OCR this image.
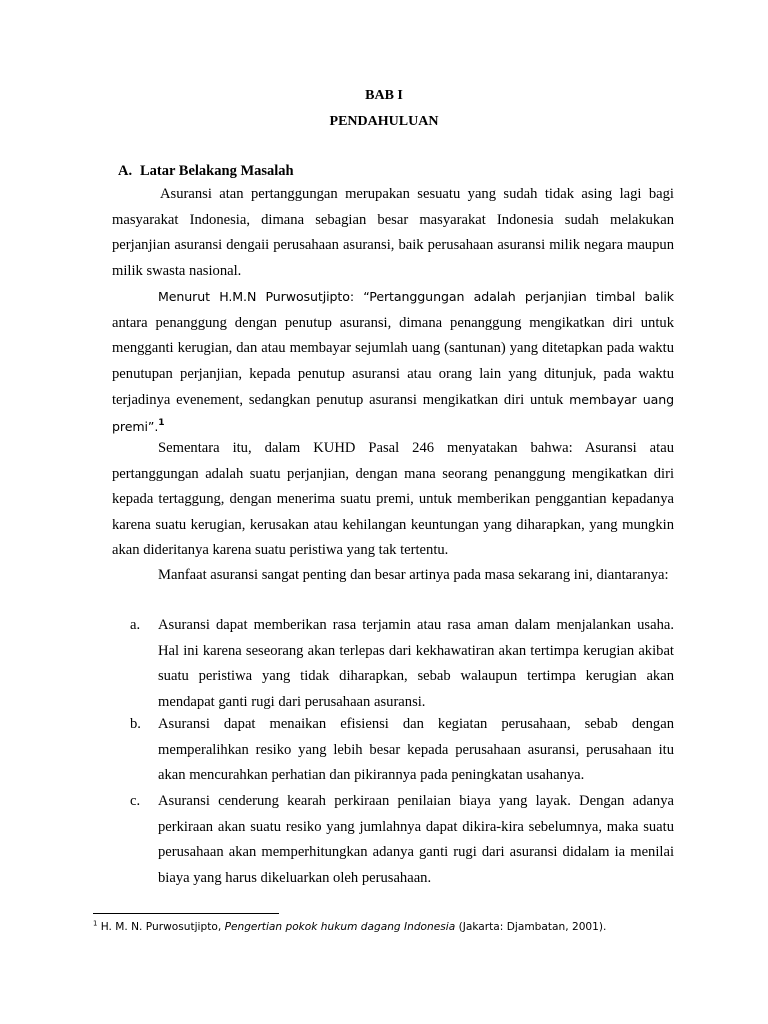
BAB I
PENDAHULUAN
A. Latar Belakang Masalah
Asuransi atan pertanggungan merupakan sesuatu yang sudah tidak asing lagi bagi masyarakat Indonesia, dimana sebagian besar masyarakat Indonesia sudah melakukan perjanjian asuransi dengaii perusahaan asuransi, baik perusahaan asuransi milik negara maupun milik swasta nasional.
Menurut H.M.N Purwosutjipto: “Pertanggungan adalah perjanjian timbal balik antara penanggung dengan penutup asuransi, dimana penanggung mengikatkan diri untuk mengganti kerugian, dan atau membayar sejumlah uang (santunan) yang ditetapkan pada waktu penutupan perjanjian, kepada penutup asuransi atau orang lain yang ditunjuk, pada waktu terjadinya evenement, sedangkan penutup asuransi mengikatkan diri untuk membayar uang premi”.$^1$
Sementara itu, dalam KUHD Pasal 246 menyatakan bahwa: Asuransi atau pertanggungan adalah suatu perjanjian, dengan mana seorang penanggung mengikatkan diri kepada tertaggung, dengan menerima suatu premi, untuk memberikan penggantian kepadanya karena suatu kerugian, kerusakan atau kehilangan keuntungan yang diharapkan, yang mungkin akan dideritanya karena suatu peristiwa yang tak tertentu.
Manfaat asuransi sangat penting dan besar artinya pada masa sekarang ini, diantaranya:
a. Asuransi dapat memberikan rasa terjamin atau rasa aman dalam menjalankan usaha. Hal ini karena seseorang akan terlepas dari kekhawatiran akan tertimpa kerugian akibat suatu peristiwa yang tidak diharapkan, sebab walaupun tertimpa kerugian akan mendapat ganti rugi dari perusahaan asuransi.
b. Asuransi dapat menaikan efisiensi dan kegiatan perusahaan, sebab dengan memperalihkan resiko yang lebih besar kepada perusahaan asuransi, perusahaan itu akan mencurahkan perhatian dan pikirannya pada peningkatan usahanya.
c. Asuransi cenderung kearah perkiraan penilaian biaya yang layak. Dengan adanya perkiraan akan suatu resiko yang jumlahnya dapat dikira-kira sebelumnya, maka suatu perusahaan akan memperhitungkan adanya ganti rugi dari asuransi didalam ia menilai biaya yang harus dikeluarkan oleh perusahaan.
$^1$ H. M. N. Purwosutjipto, Pengertian pokok hukum dagang Indonesia (Jakarta: Djambatan, 2001).
